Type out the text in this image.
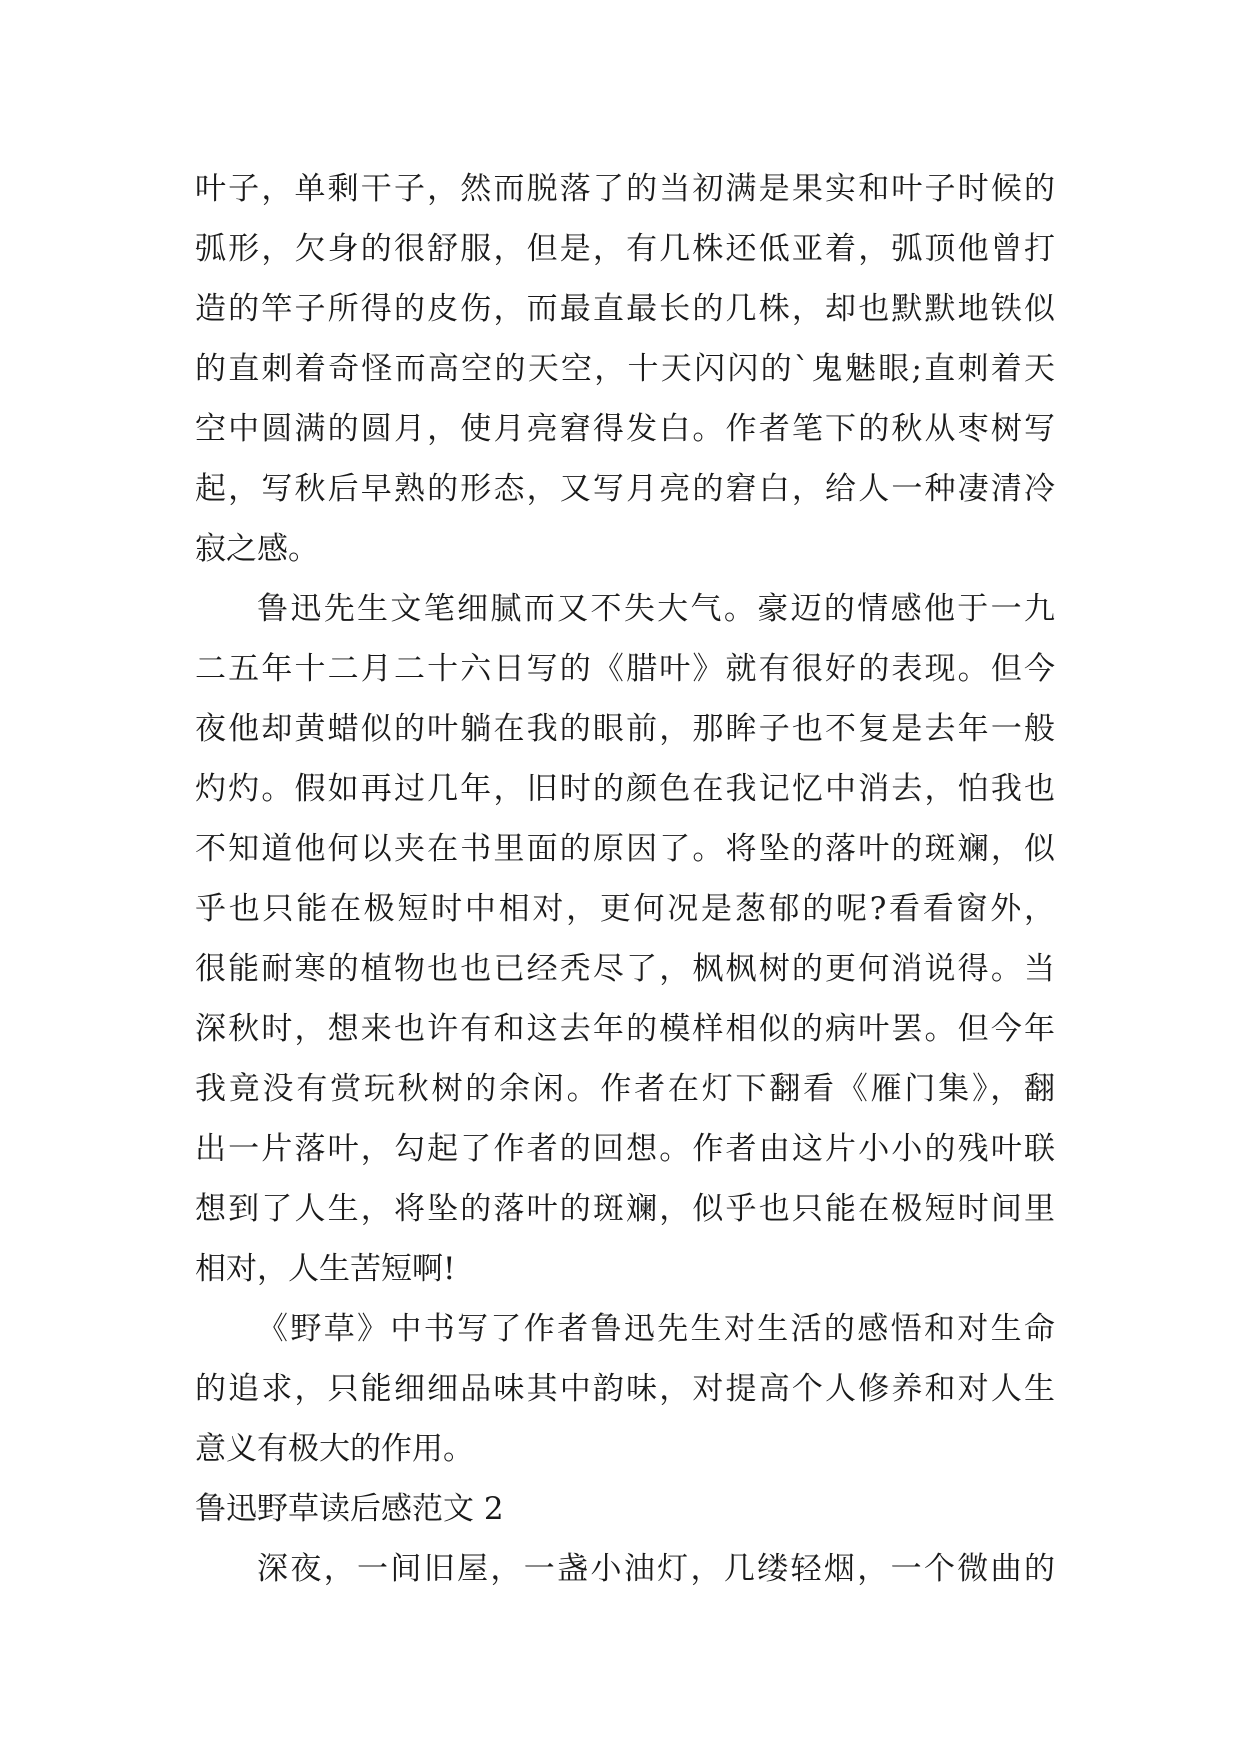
叶子，单剩干子，然而脱落了的当初满是果实和叶子时候的
弧形，欠身的很舒服，但是，有几株还低亚着，弧顶他曾打
造的竿子所得的皮伤，而最直最长的几株，却也默默地铁似
的直刺着奇怪而高空的天空，十天闪闪的`鬼魅眼;直刺着天
空中圆满的圆月，使月亮窘得发白。作者笔下的秋从枣树写
起，写秋后早熟的形态，又写月亮的窘白，给人一种凄清冷
寂之感。
鲁迅先生文笔细腻而又不失大气。豪迈的情感他于一九
二五年十二月二十六日写的《腊叶》就有很好的表现。但今
夜他却黄蜡似的叶躺在我的眼前，那眸子也不复是去年一般
灼灼。假如再过几年，旧时的颜色在我记忆中消去，怕我也
不知道他何以夹在书里面的原因了。将坠的落叶的斑斓，似
乎也只能在极短时中相对，更何况是葱郁的呢?看看窗外，
很能耐寒的植物也也已经秃尽了，枫枫树的更何消说得。当
深秋时，想来也许有和这去年的模样相似的病叶罢。但今年
我竟没有赏玩秋树的余闲。作者在灯下翻看《雁门集》，翻
出一片落叶，勾起了作者的回想。作者由这片小小的残叶联
想到了人生，将坠的落叶的斑斓，似乎也只能在极短时间里
相对，人生苦短啊!
《野草》中书写了作者鲁迅先生对生活的感悟和对生命
的追求，只能细细品味其中韵味，对提高个人修养和对人生
意义有极大的作用。
鲁迅野草读后感范文 2
深夜，一间旧屋，一盏小油灯，几缕轻烟，一个微曲的
